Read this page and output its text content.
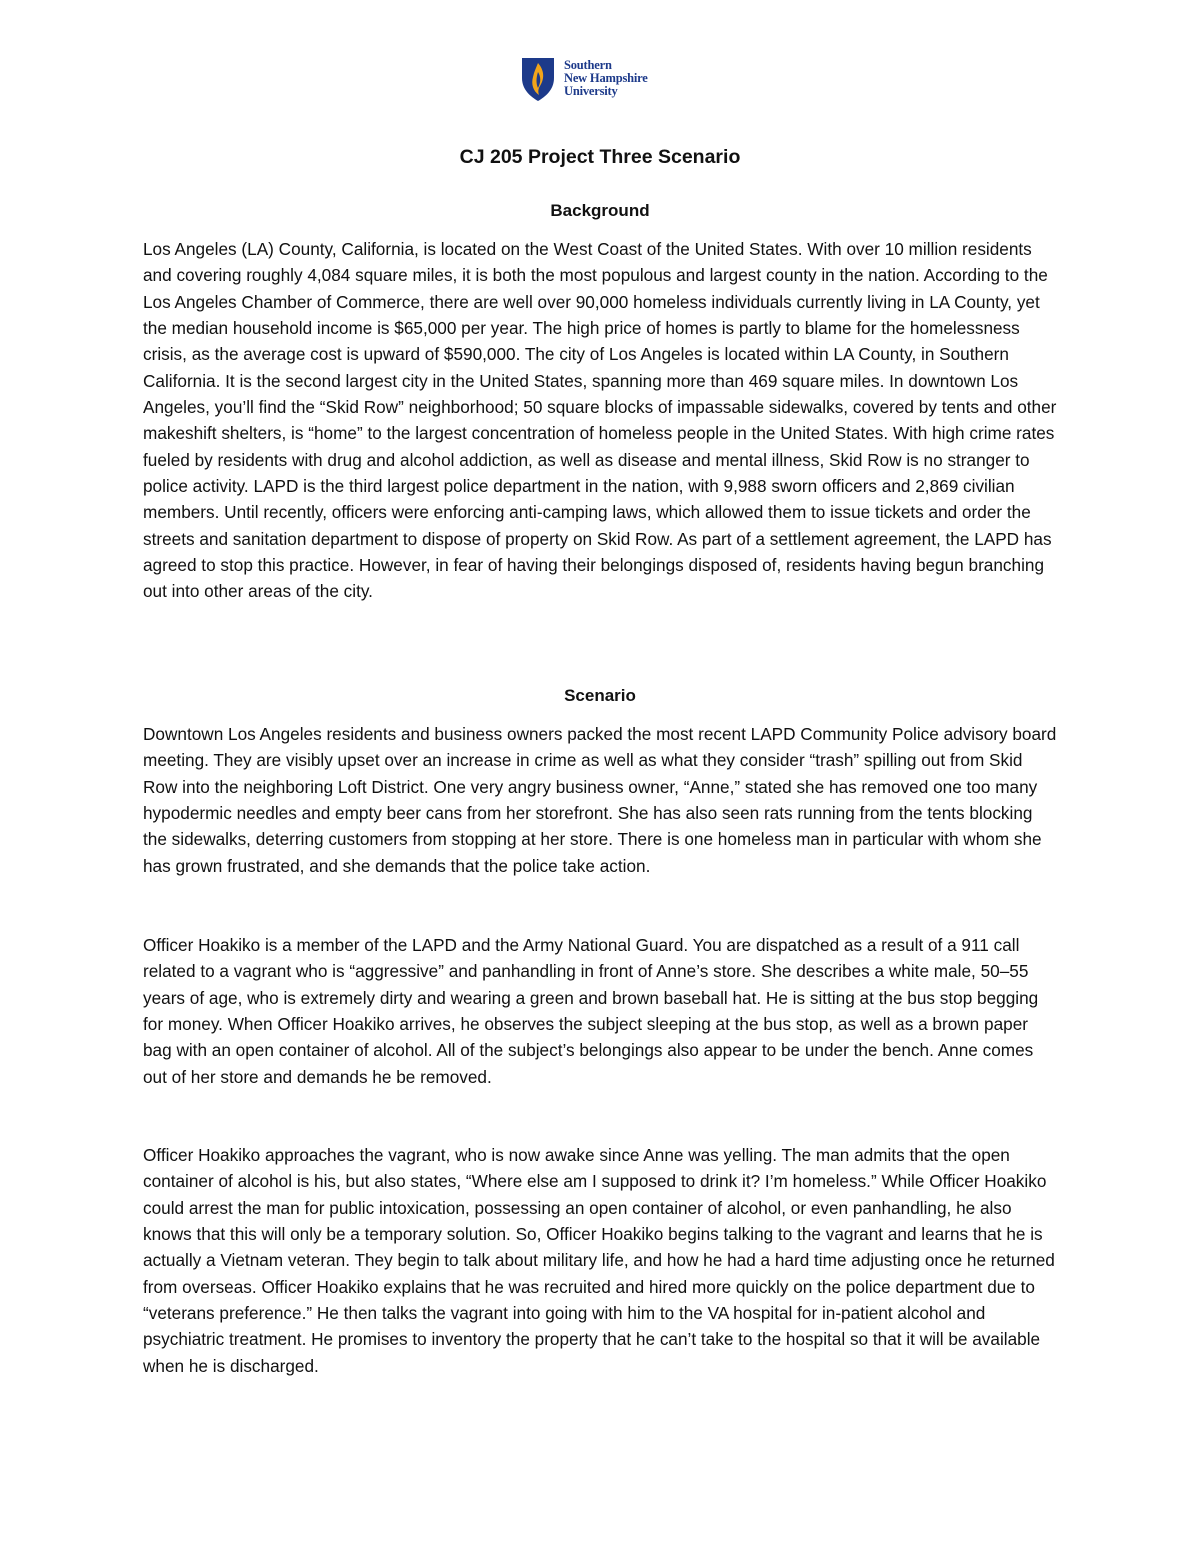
Southern
New Hampshire
University
CJ 205 Project Three Scenario
Background

Los Angeles (LA) County, California, is located on the West Coast of the United States. With over 10 million residents and covering roughly 4,084 square miles, it is both the most populous and largest county in the nation. According to the Los Angeles Chamber of Commerce, there are well over 90,000 homeless individuals currently living in LA County, yet the median household income is $65,000 per year. The high price of homes is partly to blame for the homelessness crisis, as the average cost is upward of $590,000. The city of Los Angeles is located within LA County, in Southern California. It is the second largest city in the United States, spanning more than 469 square miles. In downtown Los Angeles, you’ll find the “Skid Row” neighborhood; 50 square blocks of impassable sidewalks, covered by tents and other makeshift shelters, is “home” to the largest concentration of homeless people in the United States. With high crime rates fueled by residents with drug and alcohol addiction, as well as disease and mental illness, Skid Row is no stranger to police activity. LAPD is the third largest police department in the nation, with 9,988 sworn officers and 2,869 civilian members. Until recently, officers were enforcing anti-camping laws, which allowed them to issue tickets and order the streets and sanitation department to dispose of property on Skid Row. As part of a settlement agreement, the LAPD has agreed to stop this practice. However, in fear of having their belongings disposed of, residents having begun branching out into other areas of the city.

Scenario

Downtown Los Angeles residents and business owners packed the most recent LAPD Community Police advisory board meeting. They are visibly upset over an increase in crime as well as what they consider “trash” spilling out from Skid Row into the neighboring Loft District. One very angry business owner, “Anne,” stated she has removed one too many hypodermic needles and empty beer cans from her storefront. She has also seen rats running from the tents blocking the sidewalks, deterring customers from stopping at her store. There is one homeless man in particular with whom she has grown frustrated, and she demands that the police take action.

Officer Hoakiko is a member of the LAPD and the Army National Guard. You are dispatched as a result of a 911 call related to a vagrant who is “aggressive” and panhandling in front of Anne’s store. She describes a white male, 50–55 years of age, who is extremely dirty and wearing a green and brown baseball hat. He is sitting at the bus stop begging for money. When Officer Hoakiko arrives, he observes the subject sleeping at the bus stop, as well as a brown paper bag with an open container of alcohol. All of the subject’s belongings also appear to be under the bench. Anne comes out of her store and demands he be removed.

Officer Hoakiko approaches the vagrant, who is now awake since Anne was yelling. The man admits that the open container of alcohol is his, but also states, “Where else am I supposed to drink it? I’m homeless.” While Officer Hoakiko could arrest the man for public intoxication, possessing an open container of alcohol, or even panhandling, he also knows that this will only be a temporary solution. So, Officer Hoakiko begins talking to the vagrant and learns that he is actually a Vietnam veteran. They begin to talk about military life, and how he had a hard time adjusting once he returned from overseas. Officer Hoakiko explains that he was recruited and hired more quickly on the police department due to “veterans preference.” He then talks the vagrant into going with him to the VA hospital for in-patient alcohol and psychiatric treatment. He promises to inventory the property that he can’t take to the hospital so that it will be available when he is discharged.
